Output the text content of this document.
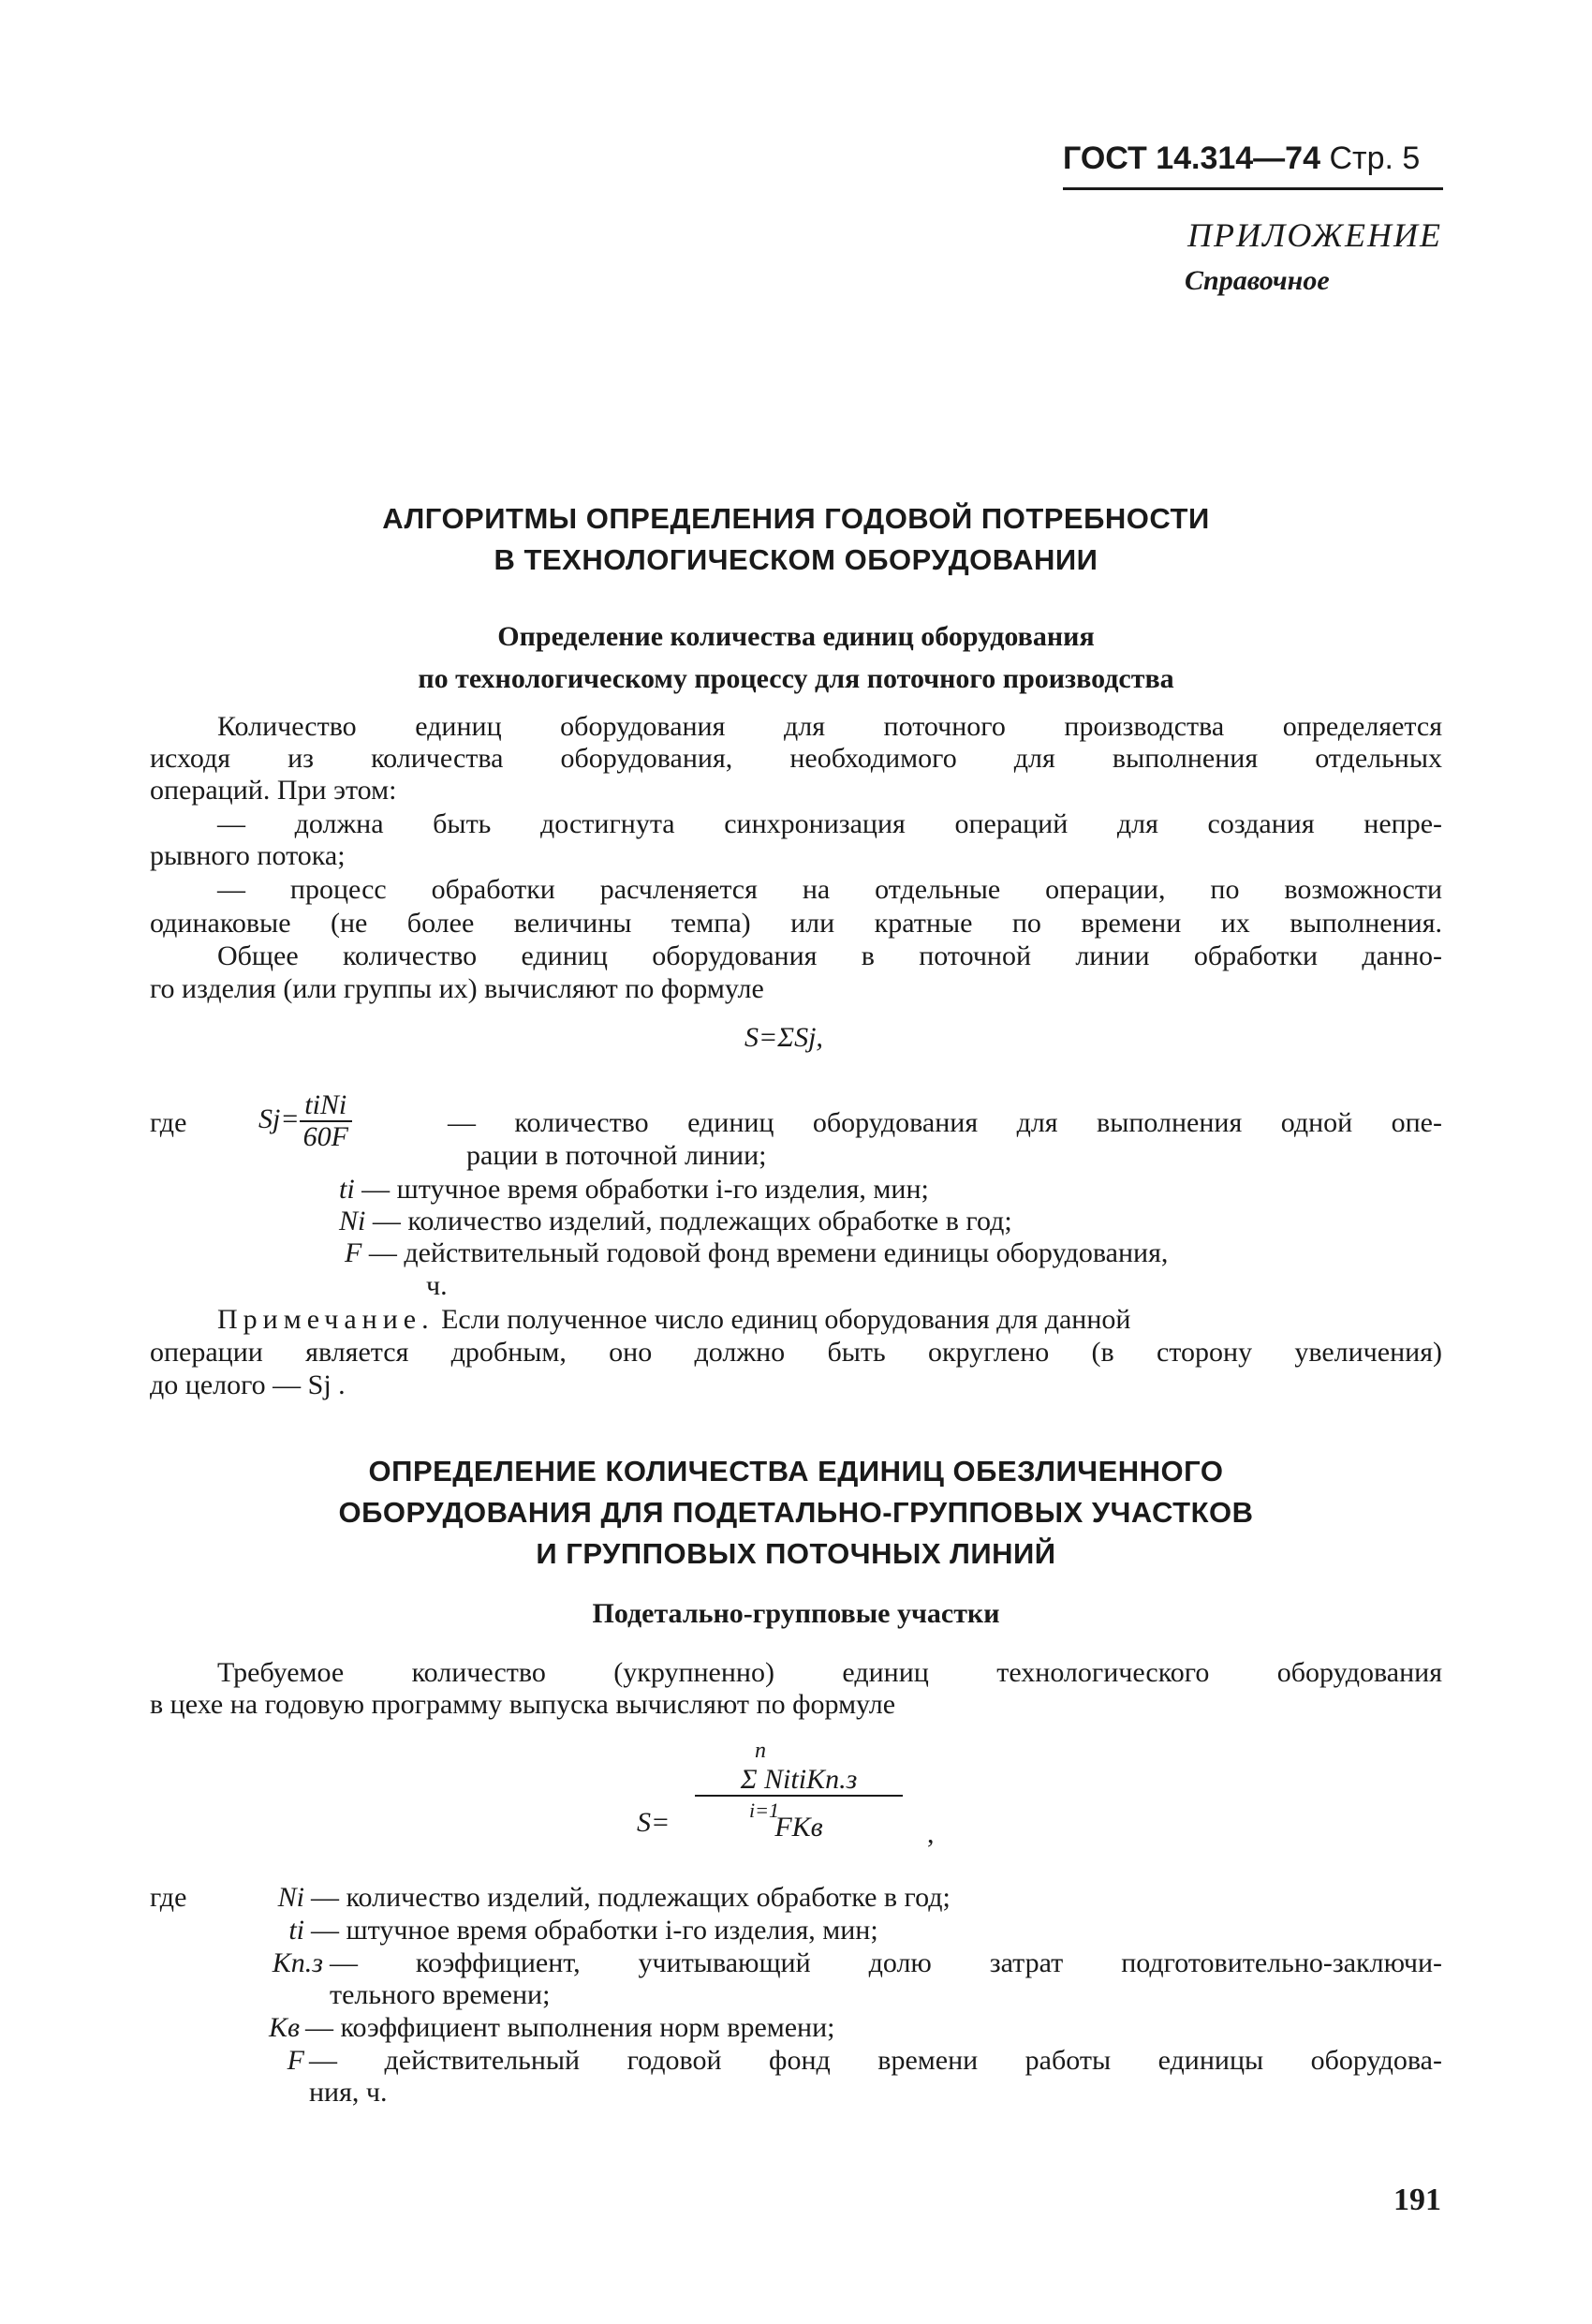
ГОСТ 14.314—74 Стр. 5
ПРИЛОЖЕНИЕ
Справочное
АЛГОРИТМЫ ОПРЕДЕЛЕНИЯ ГОДОВОЙ ПОТРЕБНОСТИ
В ТЕХНОЛОГИЧЕСКОМ ОБОРУДОВАНИИ
Определение количества единиц оборудования
по технологическому процессу для поточного производства
Количество единиц оборудования для поточного производства определяется
исходя из количества оборудования, необходимого для выполнения отдельных
операций. При этом:
— должна быть достигнута синхронизация операций для создания непре-
рывного потока;
— процесс обработки расчленяется на отдельные операции, по возможности
одинаковые (не более величины темпа) или кратные по времени их выполнения.
Общее количество единиц оборудования в поточной линии обработки данно-
го изделия (или группы их) вычисляют по формуле
S=ΣSj,
где	$Sj= \frac{\text{tiNi}}{60F}$	— количество единиц оборудования для выполнения одной опе-
рации в поточной линии;
ti — штучное время обработки i-го изделия, мин;
Ni — количество изделий, подлежащих обработке в год;
F — действительный годовой фонд времени единицы оборудования,
ч.
Примечание. Если полученное число единиц оборудования для данной
операции является дробным, оно должно быть округлено (в сторону увеличения)
до целого — Sj .
ОПРЕДЕЛЕНИЕ КОЛИЧЕСТВА ЕДИНИЦ ОБЕЗЛИЧЕННОГО
ОБОРУДОВАНИЯ ДЛЯ ПОДЕТАЛЬНО-ГРУППОВЫХ УЧАСТКОВ
И ГРУППОВЫХ ПОТОЧНЫХ ЛИНИЙ
Подетально-групповые участки
Требуемое количество (укрупненно) единиц технологического оборудования
в цехе на годовую программу выпуска вычисляют по формуле
n
i=1
S=
Σ NitiKп.з
FKв	,
где	Ni — количество изделий, подлежащих обработке в год;
ti — штучное время обработки i-го изделия, мин;
Kп.з — коэффициент, учитывающий долю затрат подготовительно-заключи-
тельного времени;
Kв — коэффициент выполнения норм времени;
F — действительный годовой фонд времени работы единицы оборудова-
ния, ч.
191
